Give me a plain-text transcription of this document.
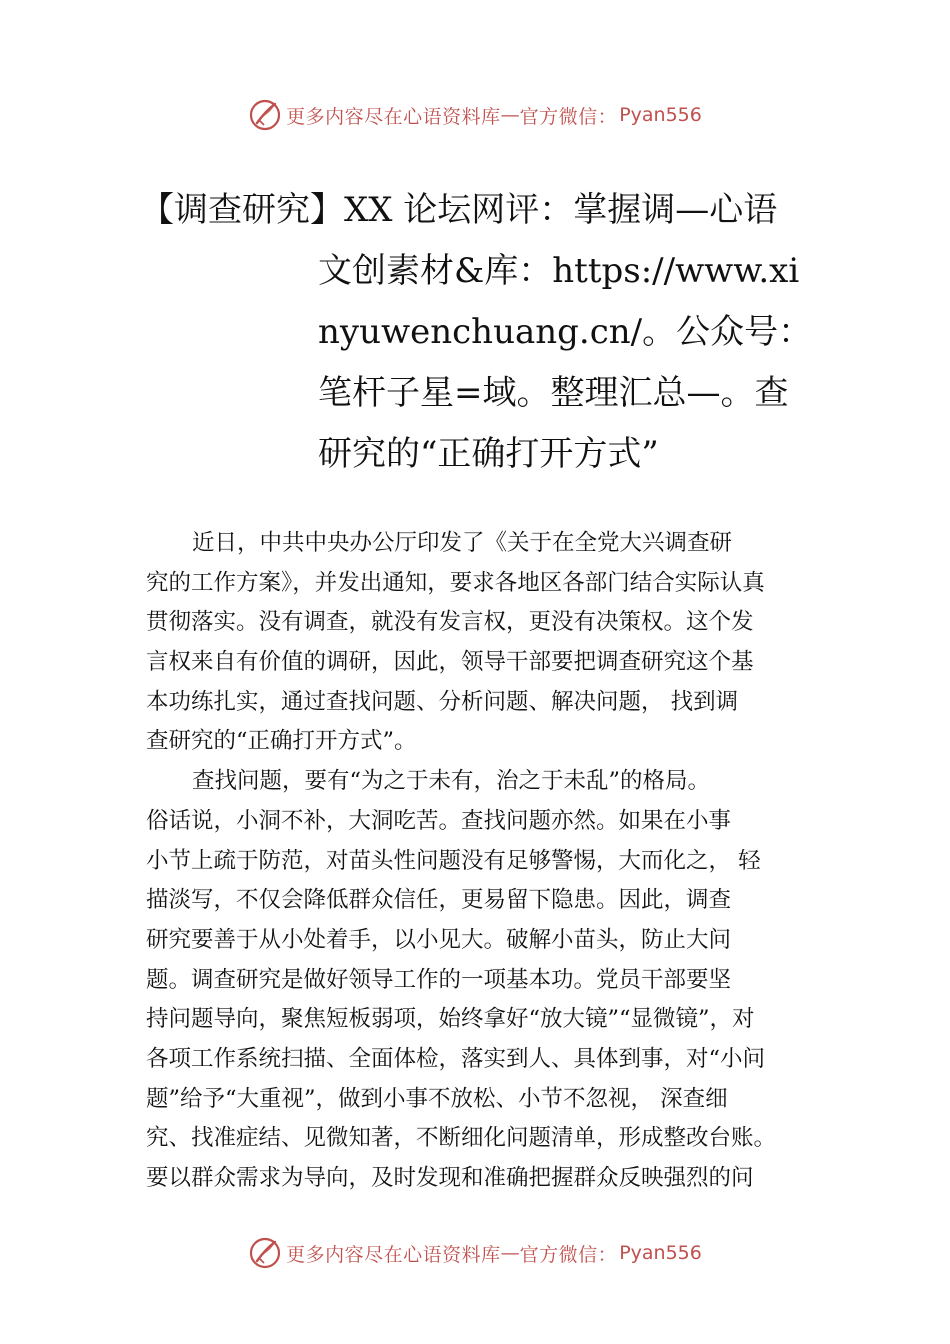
更多内容尽在心语资料库 — 官方微信： Pyan556
【调查研究】XX 论坛网评：掌握调—心语
文创素材&库：https://www.xi
nyuwenchuang.cn/。公众号：
笔杆子星=域。整理汇总—。查
研究的“正确打开方式”
近日，中共中央办公厅印发了《关于在全党大兴调查研
究的工作方案》，并发出通知，要求各地区各部门结合实际认真
贯彻落实。没有调查，就没有发言权，更没有决策权。这个发
言权来自有价值的调研，因此，领导干部要把调查研究这个基
本功练扎实，通过查找问题、分析问题、解决问题， 找到调
查研究的“正确打开方式”。
查找问题，要有“为之于未有，治之于未乱”的格局。
俗话说，小洞不补，大洞吃苦。查找问题亦然。如果在小事
小节上疏于防范，对苗头性问题没有足够警惕，大而化之， 轻
描淡写，不仅会降低群众信任，更易留下隐患。因此，调查
研究要善于从小处着手，以小见大。破解小苗头，防止大问
题。调查研究是做好领导工作的一项基本功。党员干部要坚
持问题导向，聚焦短板弱项，始终拿好“放大镜”“显微镜”，对
各项工作系统扫描、全面体检，落实到人、具体到事，对“小问
题”给予“大重视”，做到小事不放松、小节不忽视， 深查细
究、找准症结、见微知著，不断细化问题清单，形成整改台账。
要以群众需求为导向，及时发现和准确把握群众反映强烈的问
更多内容尽在心语资料库 — 官方微信： Pyan556
